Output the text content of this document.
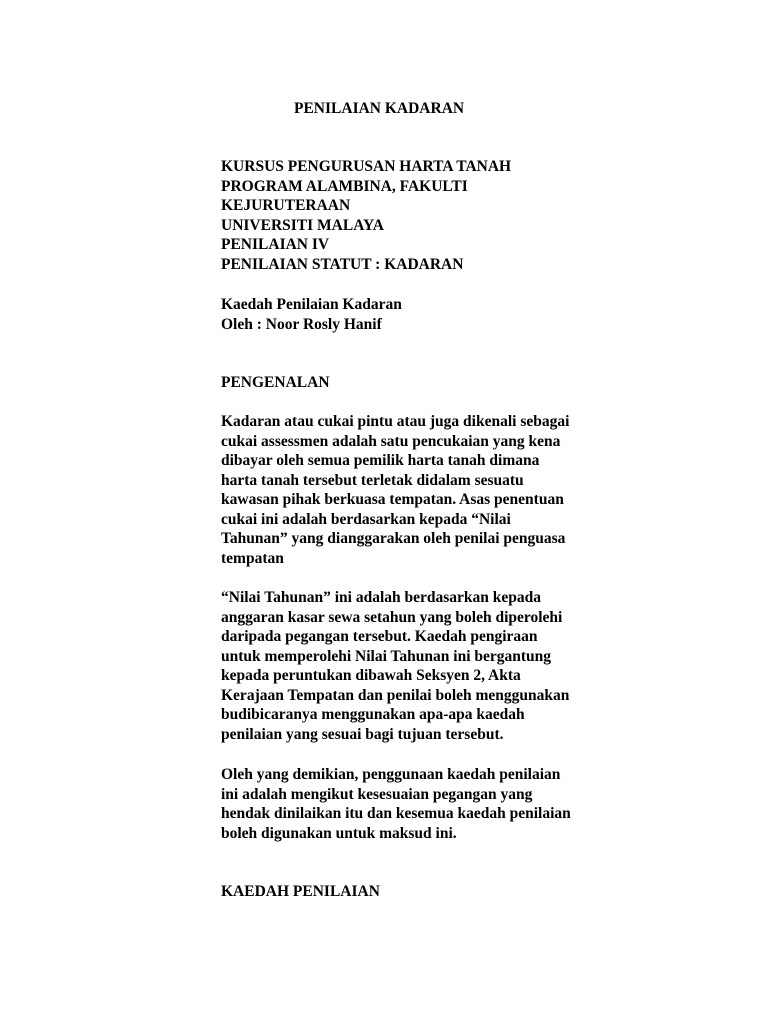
PENILAIAN KADARAN
KURSUS PENGURUSAN HARTA TANAH
PROGRAM ALAMBINA, FAKULTI
KEJURUTERAAN
UNIVERSITI MALAYA
PENILAIAN IV
PENILAIAN STATUT : KADARAN
Kaedah Penilaian Kadaran
Oleh : Noor Rosly Hanif
PENGENALAN
Kadaran atau cukai pintu atau juga dikenali sebagai
cukai assessmen adalah satu pencukaian yang kena
dibayar oleh semua pemilik harta tanah dimana
harta tanah tersebut terletak didalam sesuatu
kawasan pihak berkuasa tempatan. Asas penentuan
cukai ini adalah berdasarkan kepada “Nilai
Tahunan” yang dianggarakan oleh penilai penguasa
tempatan
“Nilai Tahunan” ini adalah berdasarkan kepada
anggaran kasar sewa setahun yang boleh diperolehi
daripada pegangan tersebut. Kaedah pengiraan
untuk memperolehi Nilai Tahunan ini bergantung
kepada peruntukan dibawah Seksyen 2, Akta
Kerajaan Tempatan dan penilai boleh menggunakan
budibicaranya menggunakan apa-apa kaedah
penilaian yang sesuai bagi tujuan tersebut.
Oleh yang demikian, penggunaan kaedah penilaian
ini adalah mengikut kesesuaian pegangan yang
hendak dinilaikan itu dan kesemua kaedah penilaian
boleh digunakan untuk maksud ini.
KAEDAH PENILAIAN
